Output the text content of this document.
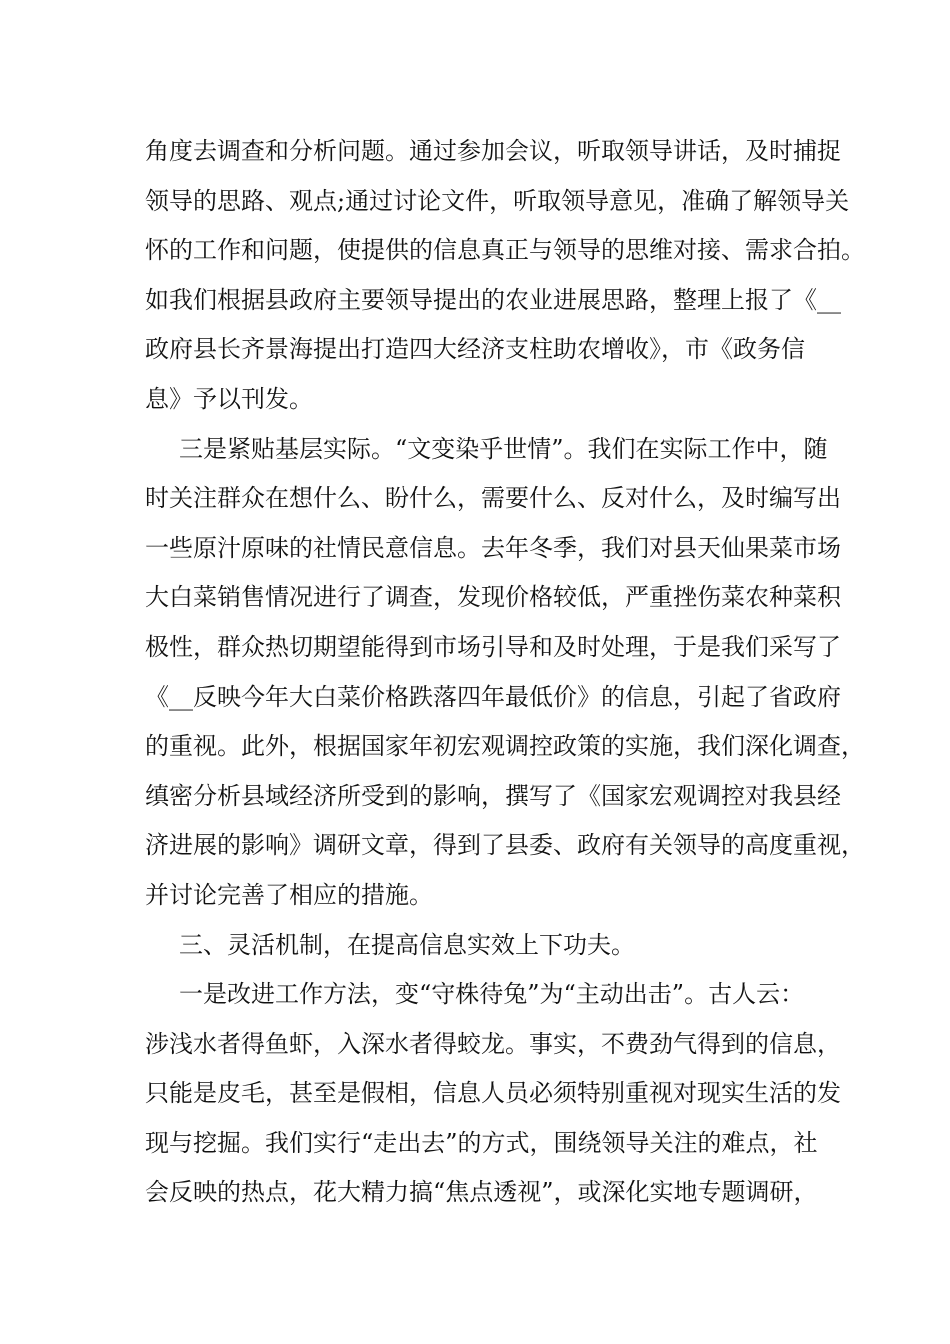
角度去调查和分析问题。通过参加会议，听取领导讲话，及时捕捉
领导的思路、观点;通过讨论文件，听取领导意见，准确了解领导关
怀的工作和问题，使提供的信息真正与领导的思维对接、需求合拍。
如我们根据县政府主要领导提出的农业进展思路，整理上报了《__
政府县长齐景海提出打造四大经济支柱助农增收》，市《政务信
息》予以刊发。
三是紧贴基层实际。“文变染乎世情”。我们在实际工作中，随
时关注群众在想什么、盼什么，需要什么、反对什么，及时编写出
一些原汁原味的社情民意信息。去年冬季，我们对县天仙果菜市场
大白菜销售情况进行了调查，发现价格较低，严重挫伤菜农种菜积
极性，群众热切期望能得到市场引导和及时处理，于是我们采写了
《__反映今年大白菜价格跌落四年最低价》的信息，引起了省政府
的重视。此外，根据国家年初宏观调控政策的实施，我们深化调查，
缜密分析县域经济所受到的影响，撰写了《国家宏观调控对我县经
济进展的影响》调研文章，得到了县委、政府有关领导的高度重视，
并讨论完善了相应的措施。
三、灵活机制，在提高信息实效上下功夫。
一是改进工作方法，变“守株待兔”为“主动出击”。古人云：
涉浅水者得鱼虾，入深水者得蛟龙。事实，不费劲气得到的信息，
只能是皮毛，甚至是假相，信息人员必须特别重视对现实生活的发
现与挖掘。我们实行“走出去”的方式，围绕领导关注的难点，社
会反映的热点，花大精力搞“焦点透视”，或深化实地专题调研，
